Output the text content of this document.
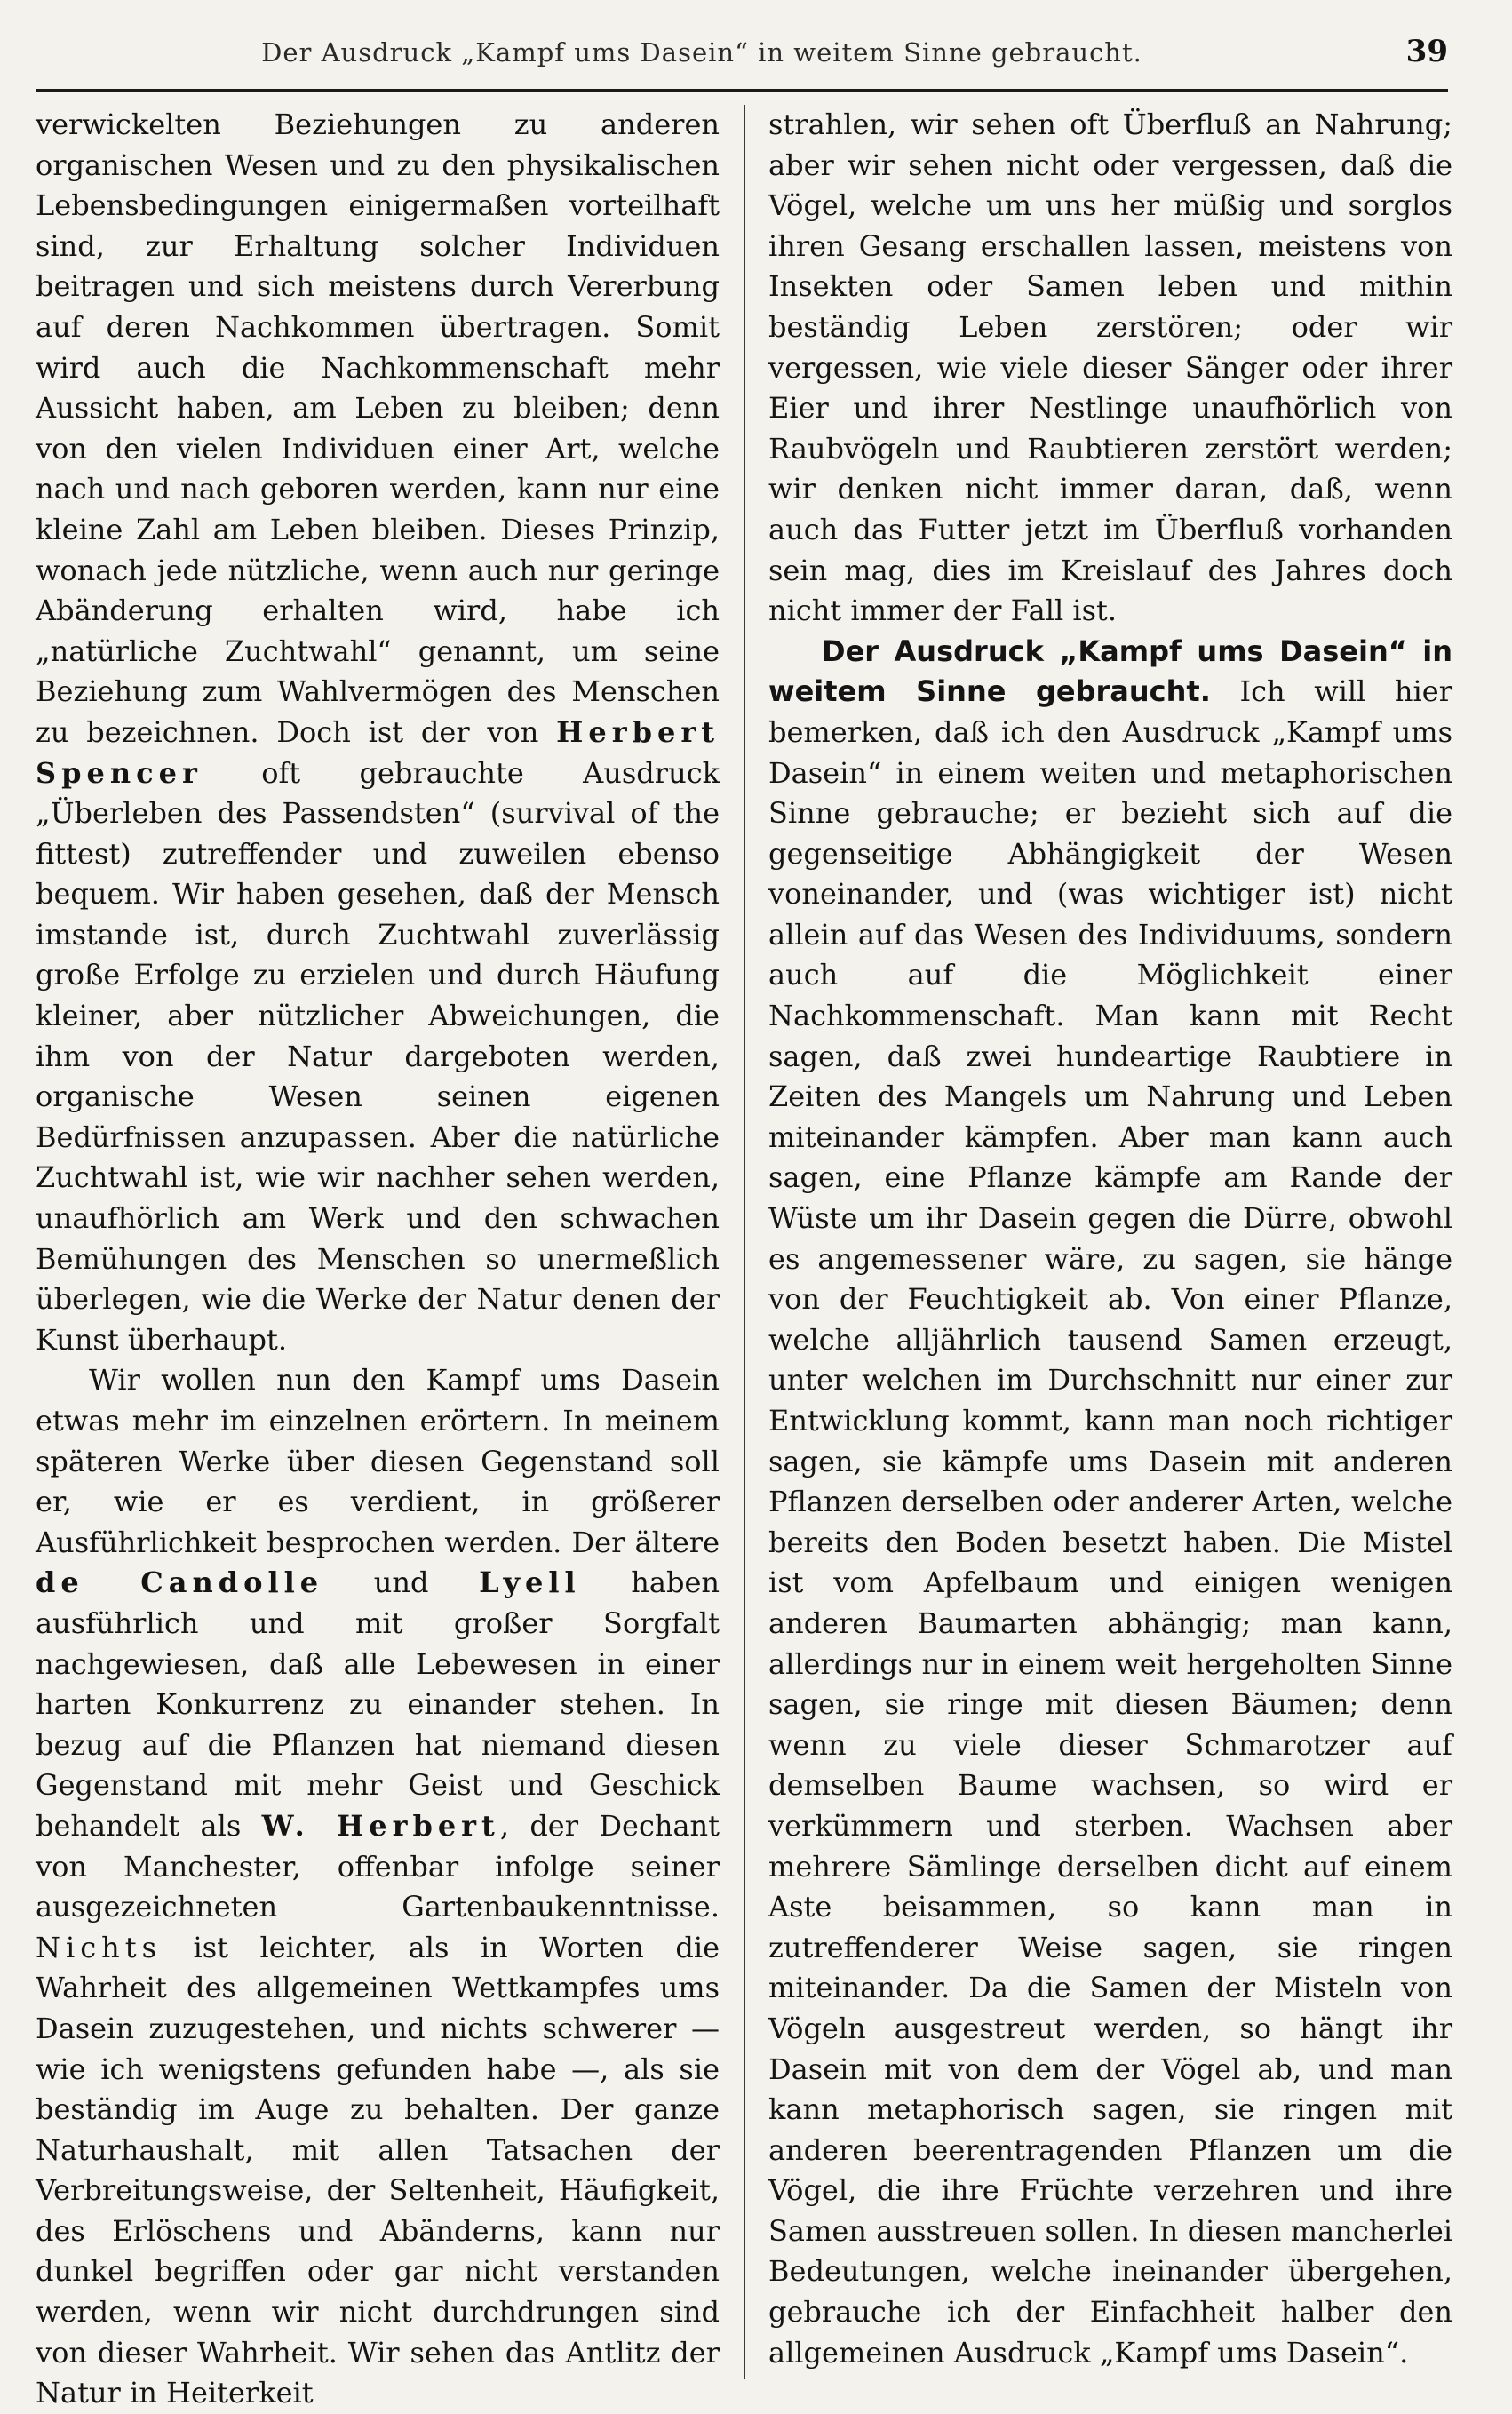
Der Ausdruck „Kampf ums Dasein“ in weitem Sinne gebraucht.	39

verwickelten Beziehungen zu anderen organischen Wesen und zu den physikalischen Lebensbedingungen einigermaßen vorteilhaft sind, zur Erhaltung solcher Individuen beitragen und sich meistens durch Vererbung auf deren Nachkommen übertragen. Somit wird auch die Nachkommenschaft mehr Aussicht haben, am Leben zu bleiben; denn von den vielen Individuen einer Art, welche nach und nach geboren werden, kann nur eine kleine Zahl am Leben bleiben. Dieses Prinzip, wonach jede nützliche, wenn auch nur geringe Abänderung erhalten wird, habe ich „natürliche Zuchtwahl“ genannt, um seine Beziehung zum Wahlvermögen des Menschen zu bezeichnen. Doch ist der von Herbert Spencer oft gebrauchte Ausdruck „Überleben des Passendsten“ (survival of the fittest) zutreffender und zuweilen ebenso bequem. Wir haben gesehen, daß der Mensch imstande ist, durch Zuchtwahl zuverlässig große Erfolge zu erzielen und durch Häufung kleiner, aber nützlicher Abweichungen, die ihm von der Natur dargeboten werden, organische Wesen seinen eigenen Bedürfnissen anzupassen. Aber die natürliche Zuchtwahl ist, wie wir nachher sehen werden, unaufhörlich am Werk und den schwachen Bemühungen des Menschen so unermeßlich überlegen, wie die Werke der Natur denen der Kunst überhaupt.

Wir wollen nun den Kampf ums Dasein etwas mehr im einzelnen erörtern. In meinem späteren Werke über diesen Gegenstand soll er, wie er es verdient, in größerer Ausführlichkeit besprochen werden. Der ältere de Candolle und Lyell haben ausführlich und mit großer Sorgfalt nachgewiesen, daß alle Lebewesen in einer harten Konkurrenz zu einander stehen. In bezug auf die Pflanzen hat niemand diesen Gegenstand mit mehr Geist und Geschick behandelt als W. Herbert, der Dechant von Manchester, offenbar infolge seiner ausgezeichneten Gartenbaukenntnisse. Nichts ist leichter, als in Worten die Wahrheit des allgemeinen Wettkampfes ums Dasein zuzugestehen, und nichts schwerer — wie ich wenigstens gefunden habe —, als sie beständig im Auge zu behalten. Der ganze Naturhaushalt, mit allen Tatsachen der Verbreitungsweise, der Seltenheit, Häufigkeit, des Erlöschens und Abänderns, kann nur dunkel begriffen oder gar nicht verstanden werden, wenn wir nicht durchdrungen sind von dieser Wahrheit. Wir sehen das Antlitz der Natur in Heiterkeit

strahlen, wir sehen oft Überfluß an Nahrung; aber wir sehen nicht oder vergessen, daß die Vögel, welche um uns her müßig und sorglos ihren Gesang erschallen lassen, meistens von Insekten oder Samen leben und mithin beständig Leben zerstören; oder wir vergessen, wie viele dieser Sänger oder ihrer Eier und ihrer Nestlinge unaufhörlich von Raubvögeln und Raubtieren zerstört werden; wir denken nicht immer daran, daß, wenn auch das Futter jetzt im Überfluß vorhanden sein mag, dies im Kreislauf des Jahres doch nicht immer der Fall ist.

Der Ausdruck „Kampf ums Dasein“ in weitem Sinne gebraucht. Ich will hier bemerken, daß ich den Ausdruck „Kampf ums Dasein“ in einem weiten und metaphorischen Sinne gebrauche; er bezieht sich auf die gegenseitige Abhängigkeit der Wesen voneinander, und (was wichtiger ist) nicht allein auf das Wesen des Individuums, sondern auch auf die Möglichkeit einer Nachkommenschaft. Man kann mit Recht sagen, daß zwei hundeartige Raubtiere in Zeiten des Mangels um Nahrung und Leben miteinander kämpfen. Aber man kann auch sagen, eine Pflanze kämpfe am Rande der Wüste um ihr Dasein gegen die Dürre, obwohl es angemessener wäre, zu sagen, sie hänge von der Feuchtigkeit ab. Von einer Pflanze, welche alljährlich tausend Samen erzeugt, unter welchen im Durchschnitt nur einer zur Entwicklung kommt, kann man noch richtiger sagen, sie kämpfe ums Dasein mit anderen Pflanzen derselben oder anderer Arten, welche bereits den Boden besetzt haben. Die Mistel ist vom Apfelbaum und einigen wenigen anderen Baumarten abhängig; man kann, allerdings nur in einem weit hergeholten Sinne sagen, sie ringe mit diesen Bäumen; denn wenn zu viele dieser Schmarotzer auf demselben Baume wachsen, so wird er verkümmern und sterben. Wachsen aber mehrere Sämlinge derselben dicht auf einem Aste beisammen, so kann man in zutreffenderer Weise sagen, sie ringen miteinander. Da die Samen der Misteln von Vögeln ausgestreut werden, so hängt ihr Dasein mit von dem der Vögel ab, und man kann metaphorisch sagen, sie ringen mit anderen beerentragenden Pflanzen um die Vögel, die ihre Früchte verzehren und ihre Samen ausstreuen sollen. In diesen mancherlei Bedeutungen, welche ineinander übergehen, gebrauche ich der Einfachheit halber den allgemeinen Ausdruck „Kampf ums Dasein“.
